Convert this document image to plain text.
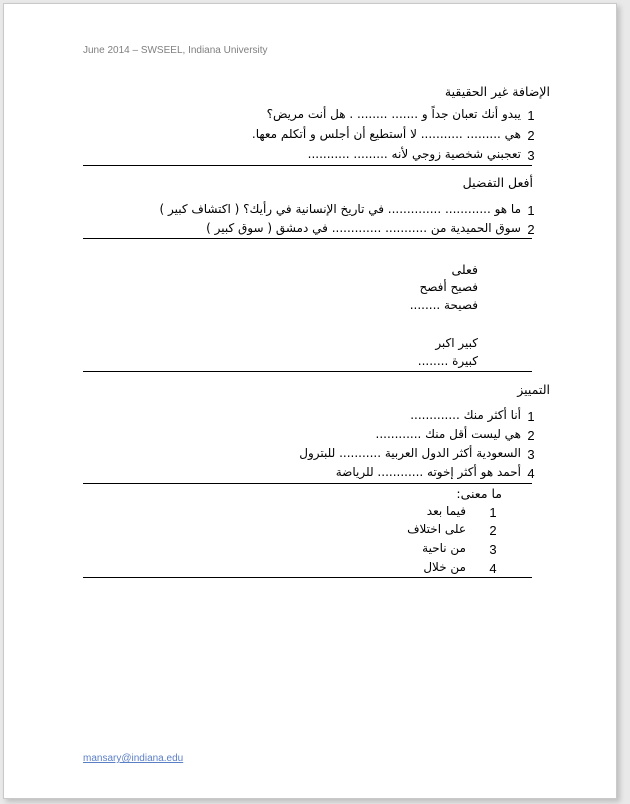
June 2014 – SWSEEL, Indiana University
الإضافة غير الحقيقية
1
يبدو أنك تعبان جداً و ....... ........ . هل أنت مريض؟
2
هي ......... ........... لا أستطيع أن أجلس و أتكلم معها.
3
تعجبني شخصية زوجي لأنه ......... ...........
أفعل التفضيل
1
ما هو ............ .............. في تاريخ الإنسانية في رأيك؟ ( اكتشاف كبير )
2
سوق الحميدية من ........... ............. في دمشق ( سوق كبير )
فعلى
فصيح أفصح
فصيحة ........
كبير اكبر
كبيرة ........
التمييز
1
أنا أكثر منك .............
2
هي ليست أقل منك ............
3
السعودية أكثر الدول العربية ........... للبترول
4
أحمد هو أكثر إخوته ............ للرياضة
ما معنى:
1
فيما بعد
2
على اختلاف
3
من ناحية
4
من خلال
mansary@indiana.edu
